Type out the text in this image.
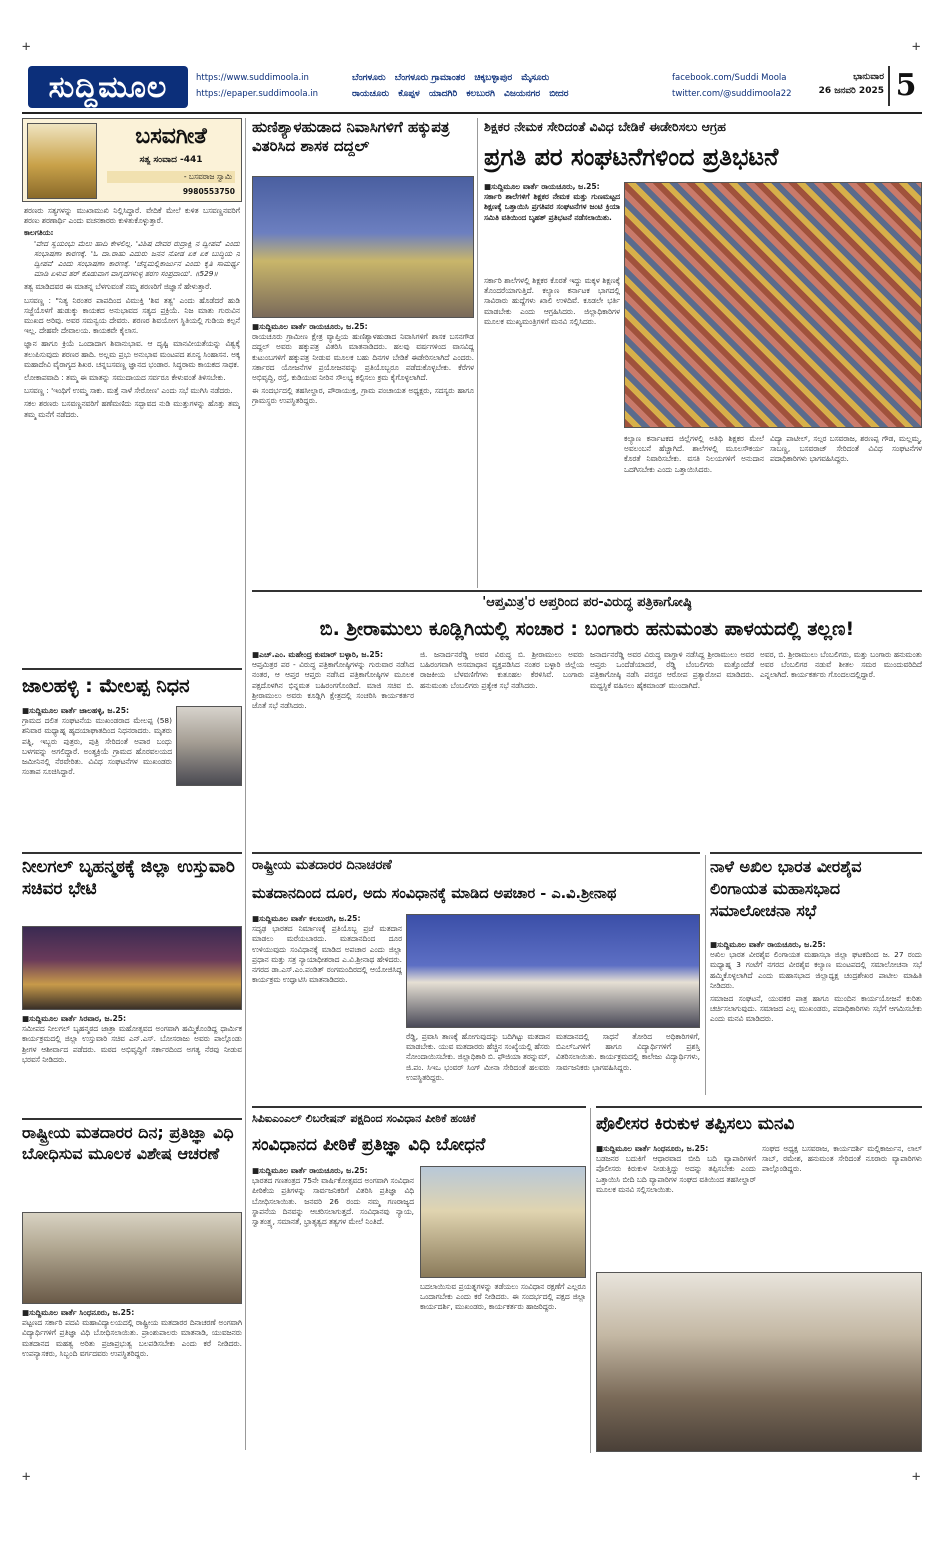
+	+
+	+
ಸುದ್ದಿಮೂಲ	https://www.suddimoola.in
https://epaper.suddimoola.in
ಬೆಂಗಳೂರು ಬೆಂಗಳೂರು ಗ್ರಾಮಾಂತರ ಚಿಕ್ಕಬಳ್ಳಾಪುರ ಮೈಸೂರು
ರಾಯಚೂರು ಕೊಪ್ಪಳ ಯಾದಗಿರಿ ಕಲಬುರಗಿ ವಿಜಯನಗರ ಬೀದರ
facebook.com/Suddi Moola
twitter.com/@suddimoola22
ಭಾನುವಾರ
26 ಜನವರಿ 2025 5
ಬಸವಗೀತೆ
ಸತ್ಯ ಸಂವಾದ -441
- ಬಸವರಾಜ ಸ್ವಾಮಿ
9980553750
ಶರಣರು ಸತ್ಯಗಳನ್ನು ಮುಖಾಮುಖಿ ನಿಲ್ಲಿಸಿದ್ದಾರೆ. ವೇದಿಕೆ ಮೇಲೆ ಕುಳಿತ ಬಸವಣ್ಣನವರಿಗೆ ಶರಣು ಶರಣಾರ್ಥಿ ಎಂದು ವಚನಕಾರರು ಕುಳಿತುಕೊಳ್ಳುತ್ತಾರೆ.
ಕಾಲಗತಿಯ:
'ವೇದ ಸ್ವಯಂಭು ಮೆಲು ಹಾದಿ ಕೇಳಲಿಲ್ಲ. 'ವಿಶಿಷ ದೇವರ ರುದ್ರಾಕ್ಷಿ ನ ದ್ವೀಪವ' ಎಂದು ಸಂಭಾಷಣಾ ಕಾರಣಕ್ಕೆ. 'ಓ ದಾ.ರಾಹು ಎದುರು ಜನನ ನೋಡ ಏಕ ಏಕ ಬುದ್ಧಿಯ ನ ದ್ವೀಪವ' ಎಂದು ಸಂಭಾಷಣಾ ಕಾರಣಕ್ಕೆ. 'ಚೆನ್ನಮಲ್ಲಿಕಾರ್ಜುನ ಎಂದು ಕೃತಿ ಸಾಮರ್ಥ್ಯ ಮಾಡಿ ಏಳುವ ಶರ್ ಕೊಡುವಾಗ ವಾಗ್ನದಗಳುಳ್ಳ ಶರಣ ಸಂಪ್ರದಾಯ'. ॥529॥
ತತ್ವ ಮಾಡಿದವರ ಈ ಮಾತನ್ನ ಬೆಳಗುವಂತೆ ನಮ್ಮ ಶರಣರಿಗೆ ಜಿಜ್ಞಾಸೆ ಹೇಳುತ್ತಾರೆ.
ಬಸವಣ್ಣ : "ನಿತ್ಯ ನಿರಂತರ ಪಾಪದಿಂದ ವಿಮುಕ್ತಿ 'ಶಿವ ತತ್ವ' ಎಂದು ಹೊಡೆದರೆ ಹುಡಿ ಸಜ್ಜೆಯೊಳಗೆ ಹುಡುಕ್ಕು ಕಾಯಕದ ಅನುಭಾವದ ಸತ್ಯದ ಪ್ರಕ್ರಿಯೆ. ನಿಜ ಮಾತು ಗುರುವಿನ ಮುಖದ ಅರಿವು. ಅವರ ಸಮನ್ವಯ ದೇವರು. ಶರಣರ ಶಿವಯೋಗ ಸ್ಥಿತಿಯಲ್ಲಿ ಗುಡಿಯ ಕಲ್ಪನೆ ಇಲ್ಲ. ದೇಹವೇ ದೇವಾಲಯ. ಕಾಯಕವೇ ಕೈಲಾಸ.
ಜ್ಞಾನ ಹಾಗೂ ಕ್ರಿಯೆ ಒಂದಾದಾಗ ಶಿವಾನುಭಾವ. ಆ ದೃಷ್ಟಿ ಮಾನವೀಯತೆಯನ್ನು ವಿಶ್ವಕ್ಕೆ ತಲುಪಿಸುವುದು ಶರಣರ ಹಾದಿ. ಅಲ್ಲಮ ಪ್ರಭು ಅನುಭಾವ ಮಂಟಪದ ಶೂನ್ಯ ಸಿಂಹಾಸನ. ಅಕ್ಕ ಮಹಾದೇವಿ ವೈರಾಗ್ಯದ ಶಿಖರ. ಚನ್ನಬಸವಣ್ಣ ಜ್ಞಾನದ ಭಂಡಾರ. ಸಿದ್ಧರಾಮ ಕಾಯಕದ ಸಾಧಕ.
ಲೋಕಾಪವಾದಿ : ತಮ್ಮ ಈ ಮಾತನ್ನು ಸಮುದಾಯದ ಸರ್ವರೂ ಕೇಳುವಂತೆ ತಿಳಿಸಬೇಕು.
ಬಸವಣ್ಣ : 'ಇಂಥಿಗೆ ಉಮ್ಮ ಸಾಕು. ಮತ್ತೆ ನಾಳೆ ಸೇರೋಣ' ಎಂದು ಸಭೆ ಮುಗಿಸಿ ನಡೆದರು.
ಸಕಲ ಶರಣರು ಬಸವಣ್ಣನವರಿಗೆ ಹಣೆಮಣಿದು ಸದ್ಭಾವದ ನುಡಿ ಮುತ್ತುಗಳನ್ನು ಹೊತ್ತು ತಮ್ಮ ತಮ್ಮ ಮನೆಗೆ ನಡೆದರು.
ಹುಣಿಶ್ಯಾಳಹುಡಾದ ನಿವಾಸಿಗಳಿಗೆ ಹಕ್ಕುಪತ್ರ ವಿತರಿಸಿದ ಶಾಸಕ ದದ್ದಲ್
■ಸುದ್ದಿಮೂಲ ವಾರ್ತೆ ರಾಯಚೂರು, ಜ.25:
ರಾಯಚೂರು ಗ್ರಾಮೀಣ ಕ್ಷೇತ್ರ ವ್ಯಾಪ್ತಿಯ ಹುಣಿಶ್ಯಾಳಹುಡಾದ ನಿವಾಸಿಗಳಿಗೆ ಶಾಸಕ ಬಸನಗೌಡ ದದ್ದಲ್ ಅವರು ಹಕ್ಕುಪತ್ರ ವಿತರಿಸಿ ಮಾತನಾಡಿದರು. ಹಲವು ವರ್ಷಗಳಿಂದ ವಾಸವಿದ್ದ ಕುಟುಂಬಗಳಿಗೆ ಹಕ್ಕುಪತ್ರ ನೀಡುವ ಮೂಲಕ ಬಹು ದಿನಗಳ ಬೇಡಿಕೆ ಈಡೇರಿಸಲಾಗಿದೆ ಎಂದರು. ಸರ್ಕಾರದ ಯೋಜನೆಗಳ ಪ್ರಯೋಜನವನ್ನು ಪ್ರತಿಯೊಬ್ಬರೂ ಪಡೆದುಕೊಳ್ಳಬೇಕು. ಕೆರೆಗಳ ಅಭಿವೃದ್ಧಿ, ರಸ್ತೆ, ಕುಡಿಯುವ ನೀರಿನ ಸೌಲಭ್ಯ ಕಲ್ಪಿಸಲು ಕ್ರಮ ಕೈಗೊಳ್ಳಲಾಗಿದೆ.
ಈ ಸಂದರ್ಭದಲ್ಲಿ ತಹಸೀಲ್ದಾರ, ಪೌರಾಯುಕ್ತ, ಗ್ರಾಮ ಪಂಚಾಯತ ಅಧ್ಯಕ್ಷರು, ಸದಸ್ಯರು ಹಾಗೂ ಗ್ರಾಮಸ್ಥರು ಉಪಸ್ಥಿತರಿದ್ದರು.
ಶಿಕ್ಷಕರ ನೇಮಕ ಸೇರಿದಂತೆ ವಿವಿಧ ಬೇಡಿಕೆ ಈಡೇರಿಸಲು ಆಗ್ರಹ
ಪ್ರಗತಿ ಪರ ಸಂಘಟನೆಗಳಿಂದ ಪ್ರತಿಭಟನೆ
■ಸುದ್ದಿಮೂಲ ವಾರ್ತೆ ರಾಯಚೂರು, ಜ.25:
ಸರ್ಕಾರಿ ಶಾಲೆಗಳಿಗೆ ಶಿಕ್ಷಕರ ನೇಮಕ ಮತ್ತು ಗುಣಮಟ್ಟದ ಶಿಕ್ಷಣಕ್ಕೆ ಒತ್ತಾಯಿಸಿ ಪ್ರಗತಿಪರ ಸಂಘಟನೆಗಳ ಜಂಟಿ ಕ್ರಿಯಾ ಸಮಿತಿ ವತಿಯಿಂದ ಬೃಹತ್ ಪ್ರತಿಭಟನೆ ನಡೆಸಲಾಯಿತು.
ಸರ್ಕಾರಿ ಶಾಲೆಗಳಲ್ಲಿ ಶಿಕ್ಷಕರ ಕೊರತೆ ಇದ್ದು ಮಕ್ಕಳ ಶಿಕ್ಷಣಕ್ಕೆ ತೊಂದರೆಯಾಗುತ್ತಿದೆ. ಕಲ್ಯಾಣ ಕರ್ನಾಟಕ ಭಾಗದಲ್ಲಿ ಸಾವಿರಾರು ಹುದ್ದೆಗಳು ಖಾಲಿ ಉಳಿದಿವೆ. ಕೂಡಲೇ ಭರ್ತಿ ಮಾಡಬೇಕು ಎಂದು ಆಗ್ರಹಿಸಿದರು. ಜಿಲ್ಲಾಧಿಕಾರಿಗಳ ಮೂಲಕ ಮುಖ್ಯಮಂತ್ರಿಗಳಿಗೆ ಮನವಿ ಸಲ್ಲಿಸಿದರು.
ಕಲ್ಯಾಣ ಕರ್ನಾಟಕದ ಜಿಲ್ಲೆಗಳಲ್ಲಿ ಅತಿಥಿ ಶಿಕ್ಷಕರ ಮೇಲೆ ಅವಲಂಬನೆ ಹೆಚ್ಚಾಗಿದೆ. ಶಾಲೆಗಳಲ್ಲಿ ಮೂಲಸೌಕರ್ಯ ಕೊರತೆ ನಿವಾರಿಸಬೇಕು. ವಸತಿ ನಿಲಯಗಳಿಗೆ ಅನುದಾನ ಒದಗಿಸಬೇಕು ಎಂದು ಒತ್ತಾಯಿಸಿದರು.
ವಿದ್ಯಾ ಪಾಟೀಲ್, ಸಲ್ಗರ ಬಸವರಾಜ, ಶರಣಪ್ಪ ಗೌಡ, ಮಲ್ಲಮ್ಮ, ಸಾಬಣ್ಣ, ಬಸವರಾಜ್ ಸೇರಿದಂತೆ ವಿವಿಧ ಸಂಘಟನೆಗಳ ಪದಾಧಿಕಾರಿಗಳು ಭಾಗವಹಿಸಿದ್ದರು.
'ಆಪ್ತಮಿತ್ರ'ರ ಆಪ್ತರಿಂದ ಪರ-ವಿರುದ್ಧ ಪತ್ರಿಕಾಗೋಷ್ಠಿ
ಬಿ. ಶ್ರೀರಾಮುಲು ಕೂಡ್ಲಿಗಿಯಲ್ಲಿ ಸಂಚಾರ : ಬಂಗಾರು ಹನುಮಂತು ಪಾಳಯದಲ್ಲಿ ತಲ್ಲಣ!
■ಎಚ್.ಎಂ. ಮಹೇಂದ್ರ ಕುಮಾರ್ ಬಳ್ಳಾರಿ, ಜ.25:
ಆಪ್ತಮಿತ್ರರ ಪರ - ವಿರುದ್ಧ ಪತ್ರಿಕಾಗೋಷ್ಠಿಗಳನ್ನು ಗುರುವಾರ ನಡೆಸಿದ ನಂತರ, ಆ ಆಪ್ತರ ಆಪ್ತರು ನಡೆಸಿದ ಪತ್ರಿಕಾಗೋಷ್ಠಿಗಳ ಮೂಲಕ ಪಕ್ಷದೊಳಗಿನ ಭಿನ್ನಮತ ಬಹಿರಂಗಗೊಂಡಿದೆ. ಮಾಜಿ ಸಚಿವ ಬಿ. ಶ್ರೀರಾಮುಲು ಅವರು ಕೂಡ್ಲಿಗಿ ಕ್ಷೇತ್ರದಲ್ಲಿ ಸಂಚರಿಸಿ ಕಾರ್ಯಕರ್ತರ ಜೊತೆ ಸಭೆ ನಡೆಸಿದರು.
ಜಿ. ಜನಾರ್ದನರೆಡ್ಡಿ ಅವರ ವಿರುದ್ಧ ಬಿ. ಶ್ರೀರಾಮುಲು ಅವರು ಬಹಿರಂಗವಾಗಿ ಅಸಮಾಧಾನ ವ್ಯಕ್ತಪಡಿಸಿದ ನಂತರ ಬಳ್ಳಾರಿ ಜಿಲ್ಲೆಯ ರಾಜಕೀಯ ಬೆಳವಣಿಗೆಗಳು ಕುತೂಹಲ ಕೆರಳಿಸಿವೆ. ಬಂಗಾರು ಹನುಮಂತು ಬೆಂಬಲಿಗರು ಪ್ರತ್ಯೇಕ ಸಭೆ ನಡೆಸಿದರು.
ಜನಾರ್ದನರೆಡ್ಡಿ ಅವರ ವಿರುದ್ಧ ವಾಗ್ದಾಳಿ ನಡೆಸಿದ್ದ ಶ್ರೀರಾಮುಲು ಅವರ ಆಪ್ತರು ಒಂದೆಡೆಯಾದರೆ, ರೆಡ್ಡಿ ಬೆಂಬಲಿಗರು ಮತ್ತೊಂದೆಡೆ ಪತ್ರಿಕಾಗೋಷ್ಠಿ ನಡೆಸಿ ಪರಸ್ಪರ ಆರೋಪ ಪ್ರತ್ಯಾರೋಪ ಮಾಡಿದರು. ಮಧ್ಯಸ್ಥಿಕೆ ವಹಿಸಲು ಹೈಕಮಾಂಡ್ ಮುಂದಾಗಿದೆ.
ಅವರ, ಬಿ. ಶ್ರೀರಾಮುಲು ಬೆಂಬಲಿಗರು, ಮತ್ತು ಬಂಗಾರು ಹನುಮಂತು ಅವರ ಬೆಂಬಲಿಗರ ನಡುವೆ ಶೀತಲ ಸಮರ ಮುಂದುವರಿದಿದೆ ಎನ್ನಲಾಗಿದೆ. ಕಾರ್ಯಕರ್ತರು ಗೊಂದಲದಲ್ಲಿದ್ದಾರೆ.
ಜಾಲಹಳ್ಳಿ : ಮೇಲಪ್ಪ ನಿಧನ
■ಸುದ್ದಿಮೂಲ ವಾರ್ತೆ ಜಾಲಹಳ್ಳಿ, ಜ.25:
ಗ್ರಾಮದ ದಲಿತ ಸಂಘಟನೆಯ ಮುಖಂಡರಾದ ಮೇಲಪ್ಪ (58) ಶನಿವಾರ ಮಧ್ಯಾಹ್ನ ಹೃದಯಾಘಾತದಿಂದ ನಿಧನರಾದರು. ಮೃತರು ಪತ್ನಿ, ಇಬ್ಬರು ಪುತ್ರರು, ಪುತ್ರಿ ಸೇರಿದಂತೆ ಅಪಾರ ಬಂಧು ಬಳಗವನ್ನು ಅಗಲಿದ್ದಾರೆ. ಅಂತ್ಯಕ್ರಿಯೆ ಗ್ರಾಮದ ಹೊರವಲಯದ ಜಮೀನಿನಲ್ಲಿ ನೆರವೇರಿತು. ವಿವಿಧ ಸಂಘಟನೆಗಳ ಮುಖಂಡರು ಸಂತಾಪ ಸೂಚಿಸಿದ್ದಾರೆ.
ನೀಲಗಲ್ ಬೃಹನ್ಮಠಕ್ಕೆ ಜಿಲ್ಲಾ ಉಸ್ತುವಾರಿ ಸಚಿವರ ಭೇಟಿ
■ಸುದ್ದಿಮೂಲ ವಾರ್ತೆ ಸಿರವಾರ, ಜ.25:
ಸಮೀಪದ ನೀಲಗಲ್ ಬೃಹನ್ಮಠದ ಜಾತ್ರಾ ಮಹೋತ್ಸವದ ಅಂಗವಾಗಿ ಹಮ್ಮಿಕೊಂಡಿದ್ದ ಧಾರ್ಮಿಕ ಕಾರ್ಯಕ್ರಮದಲ್ಲಿ ಜಿಲ್ಲಾ ಉಸ್ತುವಾರಿ ಸಚಿವ ಎನ್.ಎಸ್. ಬೋಸರಾಜು ಅವರು ಪಾಲ್ಗೊಂಡು ಶ್ರೀಗಳ ಆಶೀರ್ವಾದ ಪಡೆದರು. ಮಠದ ಅಭಿವೃದ್ಧಿಗೆ ಸರ್ಕಾರದಿಂದ ಅಗತ್ಯ ನೆರವು ನೀಡುವ ಭರವಸೆ ನೀಡಿದರು.
ರಾಷ್ಟ್ರೀಯ ಮತದಾರರ ದಿನ; ಪ್ರತಿಜ್ಞಾ ವಿಧಿ ಬೋಧಿಸುವ ಮೂಲಕ ವಿಶೇಷ ಆಚರಣೆ
■ಸುದ್ದಿಮೂಲ ವಾರ್ತೆ ಸಿಂಧನೂರು, ಜ.25:
ಪಟ್ಟಣದ ಸರ್ಕಾರಿ ಪದವಿ ಮಹಾವಿದ್ಯಾಲಯದಲ್ಲಿ ರಾಷ್ಟ್ರೀಯ ಮತದಾರರ ದಿನಾಚರಣೆ ಅಂಗವಾಗಿ ವಿದ್ಯಾರ್ಥಿಗಳಿಗೆ ಪ್ರತಿಜ್ಞಾ ವಿಧಿ ಬೋಧಿಸಲಾಯಿತು. ಪ್ರಾಂಶುಪಾಲರು ಮಾತನಾಡಿ, ಯುವಜನರು ಮತದಾನದ ಮಹತ್ವ ಅರಿತು ಪ್ರಜಾಪ್ರಭುತ್ವ ಬಲಪಡಿಸಬೇಕು ಎಂದು ಕರೆ ನೀಡಿದರು. ಉಪನ್ಯಾಸಕರು, ಸಿಬ್ಬಂದಿ ವರ್ಗದವರು ಉಪಸ್ಥಿತರಿದ್ದರು.
ರಾಷ್ಟ್ರೀಯ ಮತದಾರರ ದಿನಾಚರಣೆ
ಮತದಾನದಿಂದ ದೂರ, ಅದು ಸಂವಿಧಾನಕ್ಕೆ ಮಾಡಿದ ಅಪಚಾರ - ಎ.ವಿ.ಶ್ರೀನಾಥ
■ಸುದ್ದಿಮೂಲ ವಾರ್ತೆ ಕಲಬುರಗಿ, ಜ.25:
ಸದೃಢ ಭಾರತದ ನಿರ್ಮಾಣಕ್ಕೆ ಪ್ರತಿಯೊಬ್ಬ ಪ್ರಜೆ ಮತದಾನ ಮಾಡಲು ಮರೆಯಬಾರದು. ಮತದಾನದಿಂದ ದೂರ ಉಳಿಯುವುದು ಸಂವಿಧಾನಕ್ಕೆ ಮಾಡಿದ ಅಪಚಾರ ಎಂದು ಜಿಲ್ಲಾ ಪ್ರಧಾನ ಮತ್ತು ಸತ್ರ ನ್ಯಾಯಾಧೀಶರಾದ ಎ.ವಿ.ಶ್ರೀನಾಥ ಹೇಳಿದರು. ನಗರದ ಡಾ.ಎಸ್.ಎಂ.ಪಂಡಿತ್ ರಂಗಮಂದಿರದಲ್ಲಿ ಆಯೋಜಿಸಿದ್ದ ಕಾರ್ಯಕ್ರಮ ಉದ್ಘಾಟಿಸಿ ಮಾತನಾಡಿದರು.
ರೆಡ್ಡಿ, ಪ್ರವಾಸಿ ತಾಣಕ್ಕೆ ಹೋಗುವುದನ್ನು ಬದಿಗಿಟ್ಟು ಮತದಾನ ಮಾಡಬೇಕು. ಯುವ ಮತದಾರರು ಹೆಚ್ಚಿನ ಸಂಖ್ಯೆಯಲ್ಲಿ ಹೆಸರು ನೋಂದಾಯಿಸಬೇಕು. ಜಿಲ್ಲಾಧಿಕಾರಿ ಬಿ. ಫೌಜಿಯಾ ತರನ್ನುಮ್, ಜಿ.ಪಂ. ಸಿಇಒ ಭಂವರ್ ಸಿಂಗ್ ಮೀನಾ ಸೇರಿದಂತೆ ಹಲವರು ಉಪಸ್ಥಿತರಿದ್ದರು.
ಮತದಾನದಲ್ಲಿ ಸಾಧನೆ ತೋರಿದ ಅಧಿಕಾರಿಗಳಿಗೆ, ಬಿಎಲ್ಒಗಳಿಗೆ ಹಾಗೂ ವಿದ್ಯಾರ್ಥಿಗಳಿಗೆ ಪ್ರಶಸ್ತಿ ವಿತರಿಸಲಾಯಿತು. ಕಾರ್ಯಕ್ರಮದಲ್ಲಿ ಕಾಲೇಜು ವಿದ್ಯಾರ್ಥಿಗಳು, ಸಾರ್ವಜನಿಕರು ಭಾಗವಹಿಸಿದ್ದರು.
ನಾಳೆ ಅಖಿಲ ಭಾರತ ವೀರಶೈವ ಲಿಂಗಾಯತ ಮಹಾಸಭಾದ ಸಮಾಲೋಚನಾ ಸಭೆ
■ಸುದ್ದಿಮೂಲ ವಾರ್ತೆ ರಾಯಚೂರು, ಜ.25:
ಅಖಿಲ ಭಾರತ ವೀರಶೈವ ಲಿಂಗಾಯತ ಮಹಾಸಭಾ ಜಿಲ್ಲಾ ಘಟಕದಿಂದ ಜ. 27 ರಂದು ಮಧ್ಯಾಹ್ನ 3 ಗಂಟೆಗೆ ನಗರದ ವೀರಶೈವ ಕಲ್ಯಾಣ ಮಂಟಪದಲ್ಲಿ ಸಮಾಲೋಚನಾ ಸಭೆ ಹಮ್ಮಿಕೊಳ್ಳಲಾಗಿದೆ ಎಂದು ಮಹಾಸಭಾದ ಜಿಲ್ಲಾಧ್ಯಕ್ಷ ಚಂದ್ರಶೇಖರ ಪಾಟೀಲ ಮಾಹಿತಿ ನೀಡಿದರು.
ಸಮಾಜದ ಸಂಘಟನೆ, ಯುವಕರ ಪಾತ್ರ ಹಾಗೂ ಮುಂದಿನ ಕಾರ್ಯಯೋಜನೆ ಕುರಿತು ಚರ್ಚಿಸಲಾಗುವುದು. ಸಮಾಜದ ಎಲ್ಲ ಮುಖಂಡರು, ಪದಾಧಿಕಾರಿಗಳು ಸಭೆಗೆ ಆಗಮಿಸಬೇಕು ಎಂದು ಮನವಿ ಮಾಡಿದರು.
ಸಿಪಿಐಎಂಎಲ್ ಲಿಬರೇಷನ್ ಪಕ್ಷದಿಂದ ಸಂವಿಧಾನ ಪೀಠಿಕೆ ಹಂಚಿಕೆ
ಸಂವಿಧಾನದ ಪೀಠಿಕೆ ಪ್ರತಿಜ್ಞಾ ವಿಧಿ ಬೋಧನೆ
■ಸುದ್ದಿಮೂಲ ವಾರ್ತೆ ರಾಯಚೂರು, ಜ.25:
ಭಾರತದ ಗಣತಂತ್ರದ 75ನೇ ವಾರ್ಷಿಕೋತ್ಸವದ ಅಂಗವಾಗಿ ಸಂವಿಧಾನ ಪೀಠಿಕೆಯ ಪ್ರತಿಗಳನ್ನು ಸಾರ್ವಜನಿಕರಿಗೆ ವಿತರಿಸಿ ಪ್ರತಿಜ್ಞಾ ವಿಧಿ ಬೋಧಿಸಲಾಯಿತು. ಜನವರಿ 26 ರಂದು ನಮ್ಮ ಗಣರಾಜ್ಯದ ಸ್ಥಾಪನೆಯ ದಿನವನ್ನು ಆಚರಿಸಲಾಗುತ್ತದೆ. ಸಂವಿಧಾನವು ನ್ಯಾಯ, ಸ್ವಾತಂತ್ರ್ಯ, ಸಮಾನತೆ, ಭ್ರಾತೃತ್ವದ ತತ್ವಗಳ ಮೇಲೆ ನಿಂತಿದೆ.
ಬದಲಾಯಿಸುವ ಪ್ರಯತ್ನಗಳನ್ನು ತಡೆಯಲು ಸಂವಿಧಾನ ರಕ್ಷಣೆಗೆ ಎಲ್ಲರೂ ಒಂದಾಗಬೇಕು ಎಂದು ಕರೆ ನೀಡಿದರು. ಈ ಸಂದರ್ಭದಲ್ಲಿ ಪಕ್ಷದ ಜಿಲ್ಲಾ ಕಾರ್ಯದರ್ಶಿ, ಮುಖಂಡರು, ಕಾರ್ಯಕರ್ತರು ಹಾಜರಿದ್ದರು.
ಪೊಲೀಸರ ಕಿರುಕುಳ ತಪ್ಪಿಸಲು ಮನವಿ
■ಸುದ್ದಿಮೂಲ ವಾರ್ತೆ ಸಿಂಧನೂರು, ಜ.25:
ಬಡಜನರ ಬದುಕಿಗೆ ಆಧಾರವಾದ ಬೀದಿ ಬದಿ ವ್ಯಾಪಾರಿಗಳಿಗೆ ಪೊಲೀಸರು ಕಿರುಕುಳ ನೀಡುತ್ತಿದ್ದು ಅದನ್ನು ತಪ್ಪಿಸಬೇಕು ಎಂದು ಒತ್ತಾಯಿಸಿ ಬೀದಿ ಬದಿ ವ್ಯಾಪಾರಿಗಳ ಸಂಘದ ವತಿಯಿಂದ ತಹಸೀಲ್ದಾರ್ ಮೂಲಕ ಮನವಿ ಸಲ್ಲಿಸಲಾಯಿತು.
ಸಂಘದ ಅಧ್ಯಕ್ಷ ಬಸವರಾಜ, ಕಾರ್ಯದರ್ಶಿ ಮಲ್ಲಿಕಾರ್ಜುನ, ಲಾಲ್ ಸಾಬ್, ರಮೇಶ, ಹನುಮಂತ ಸೇರಿದಂತೆ ನೂರಾರು ವ್ಯಾಪಾರಿಗಳು ಪಾಲ್ಗೊಂಡಿದ್ದರು.
